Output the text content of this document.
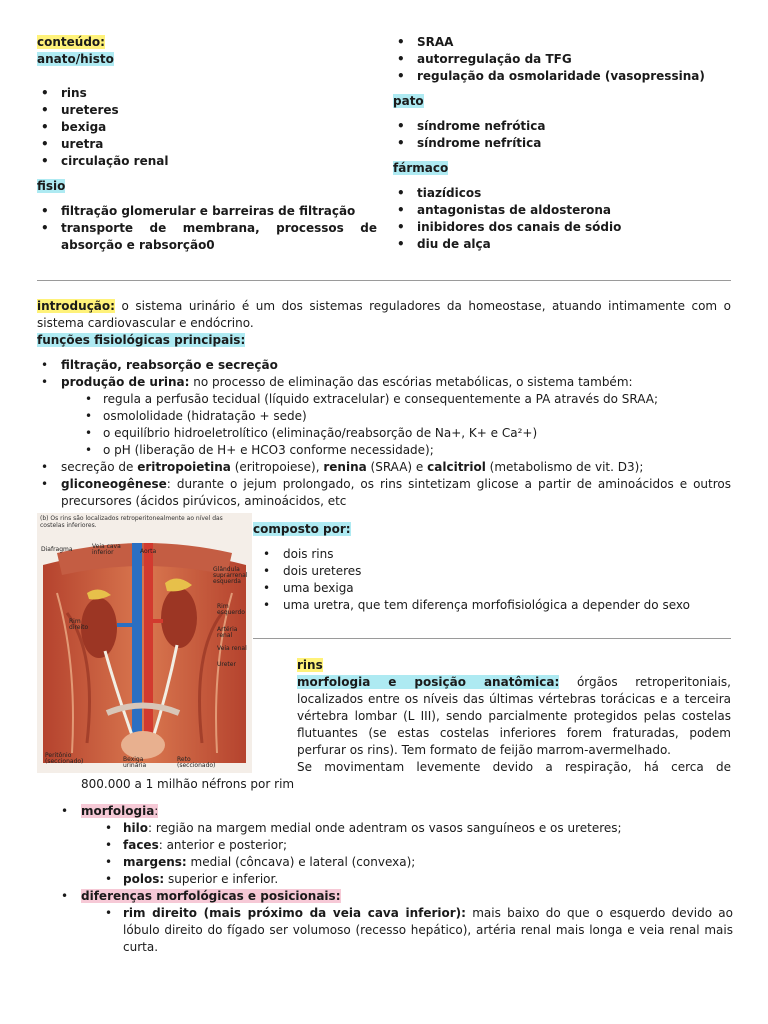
conteúdo:
anato/histo
• rins
• ureteres
• bexiga
• uretra
• circulação renal
fisio
• filtração glomerular e barreiras de filtração
• transporte de membrana, processos de absorção e rabsorção0
• SRAA
• autorregulação da TFG
• regulação da osmolaridade (vasopressina)
pato
• síndrome nefrótica
• síndrome nefrítica
fármaco
• tiazídicos
• antagonistas de aldosterona
• inibidores dos canais de sódio
• diu de alça
introdução: o sistema urinário é um dos sistemas reguladores da homeostase, atuando intimamente com o sistema cardiovascular e endócrino.
funções fisiológicas principais:
• filtração, reabsorção e secreção
• produção de urina: no processo de eliminação das escórias metabólicas, o sistema também:
• regula a perfusão tecidual (líquido extracelular) e consequentemente a PA através do SRAA;
• osmololidade (hidratação + sede)
• o equilíbrio hidroeletrolítico (eliminação/reabsorção de Na+, K+ e Ca²+)
• o pH (liberação de H+ e HCO3 conforme necessidade);
• secreção de eritropoietina (eritropoiese), renina (SRAA) e calcitriol (metabolismo de vit. D3);
• gliconeogênese: durante o jejum prolongado, os rins sintetizam glicose a partir de aminoácidos e outros precursores (ácidos pirúvicos, aminoácidos, etc
(b) Os rins são localizados retroperitonealmente ao nível das costelas inferiores.
Diafragma	Veia cava inferior	Aorta
Glândula suprarrenal esquerda
Rim direito
Rim esquerdo
Artéria renal
Veia renal
Ureter
Peritônio (seccionado)	Bexiga urinária
Reto (seccionado)
composto por:
• dois rins
• dois ureteres
• uma bexiga
• uma uretra, que tem diferença morfofisiológica a depender do sexo
rins
morfologia e posição anatômica: órgãos retroperitoniais, localizados entre os níveis das últimas vértebras torácicas e a terceira vértebra lombar (L III), sendo parcialmente protegidos pelas costelas flutuantes (se estas costelas inferiores forem fraturadas, podem perfurar os rins). Tem formato de feijão marrom-avermelhado.
Se movimentam levemente devido a respiração, há cerca de
800.000 a 1 milhão néfrons por rim
• morfologia:
• hilo: região na margem medial onde adentram os vasos sanguíneos e os ureteres;
• faces: anterior e posterior;
• margens: medial (côncava) e lateral (convexa);
• polos: superior e inferior.
• diferenças morfológicas e posicionais:
• rim direito (mais próximo da veia cava inferior): mais baixo do que o esquerdo devido ao lóbulo direito do fígado ser volumoso (recesso hepático), artéria renal mais longa e veia renal mais curta.
